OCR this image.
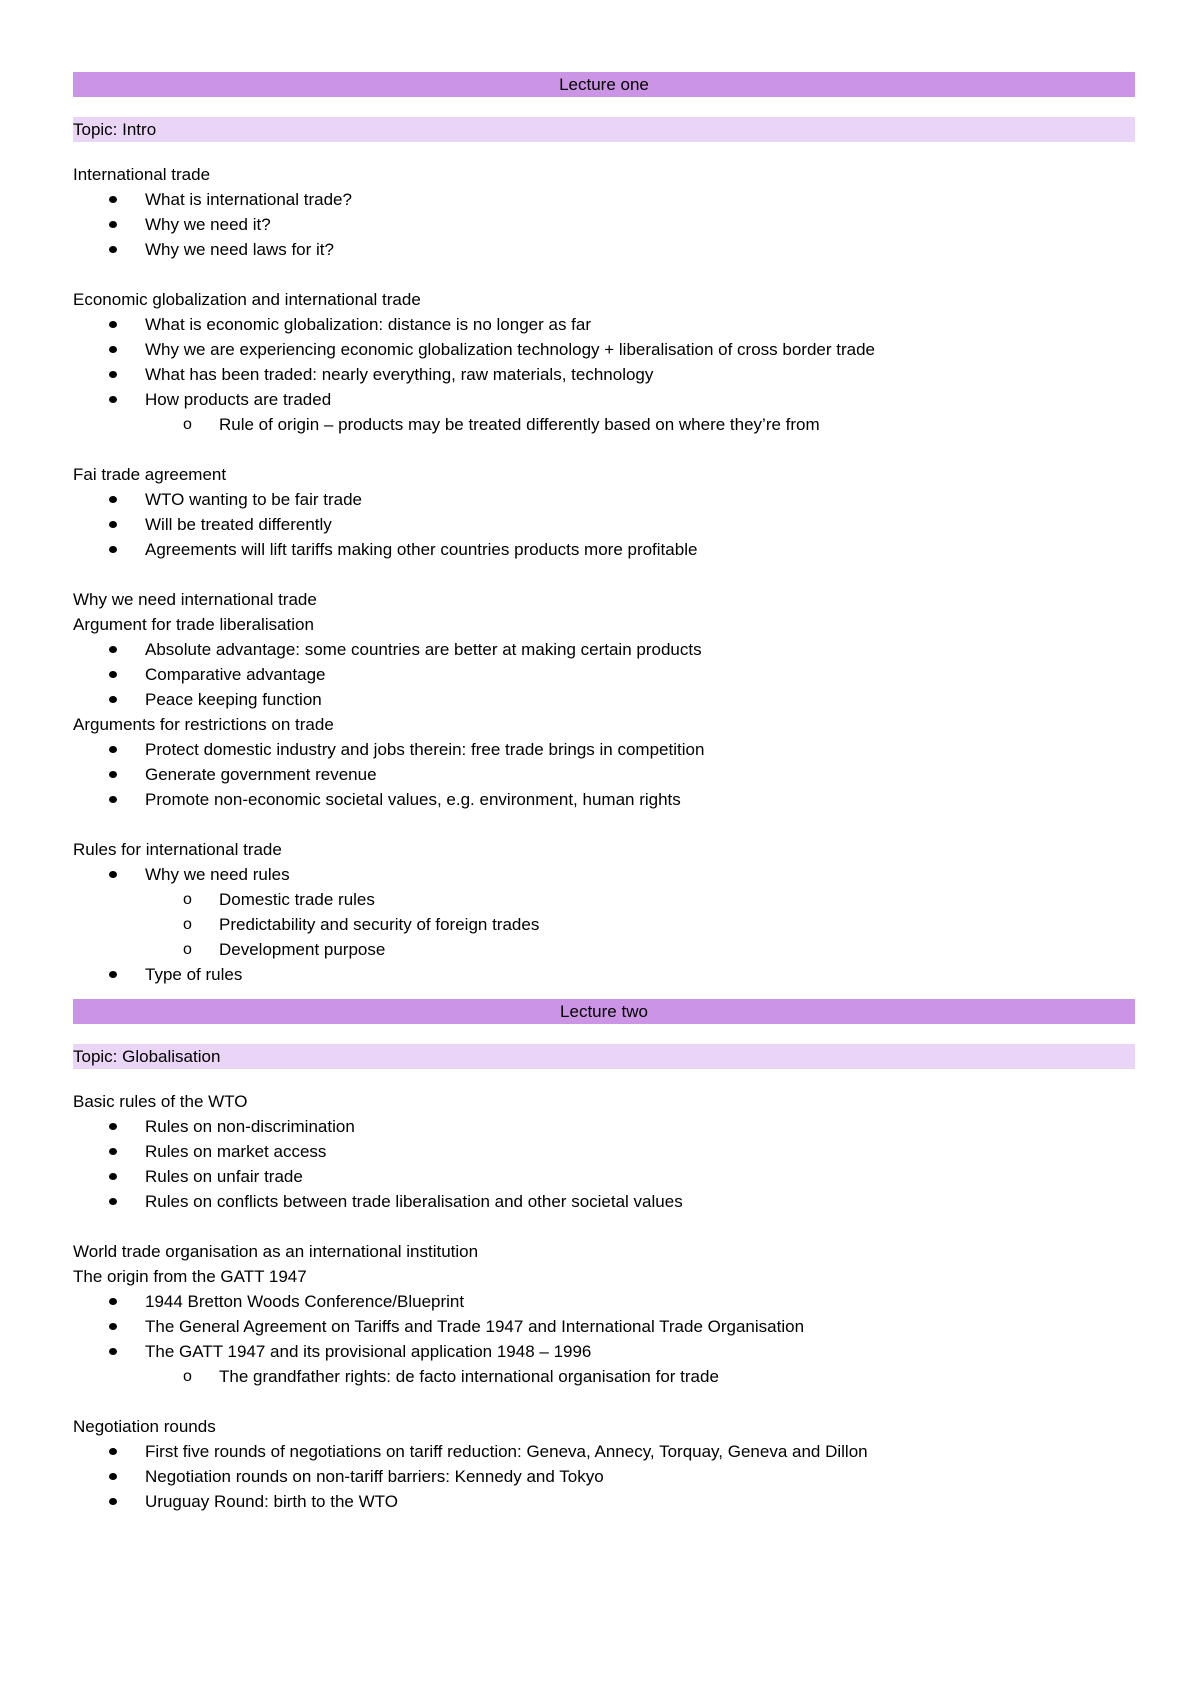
Lecture one
Topic: Intro
International trade
What is international trade?
Why we need it?
Why we need laws for it?
Economic globalization and international trade
What is economic globalization: distance is no longer as far
Why we are experiencing economic globalization technology + liberalisation of cross border trade
What has been traded: nearly everything, raw materials, technology
How products are traded
o Rule of origin – products may be treated differently based on where they’re from
Fai trade agreement
WTO wanting to be fair trade
Will be treated differently
Agreements will lift tariffs making other countries products more profitable
Why we need international trade
Argument for trade liberalisation
Absolute advantage: some countries are better at making certain products
Comparative advantage
Peace keeping function
Arguments for restrictions on trade
Protect domestic industry and jobs therein: free trade brings in competition
Generate government revenue
Promote non-economic societal values, e.g. environment, human rights
Rules for international trade
Why we need rules
o Domestic trade rules
o Predictability and security of foreign trades
o Development purpose
Type of rules
Lecture two
Topic: Globalisation
Basic rules of the WTO
Rules on non-discrimination
Rules on market access
Rules on unfair trade
Rules on conflicts between trade liberalisation and other societal values
World trade organisation as an international institution
The origin from the GATT 1947
1944 Bretton Woods Conference/Blueprint
The General Agreement on Tariffs and Trade 1947 and International Trade Organisation
The GATT 1947 and its provisional application 1948 – 1996
o The grandfather rights: de facto international organisation for trade
Negotiation rounds
First five rounds of negotiations on tariff reduction: Geneva, Annecy, Torquay, Geneva and Dillon
Negotiation rounds on non-tariff barriers: Kennedy and Tokyo
Uruguay Round: birth to the WTO
